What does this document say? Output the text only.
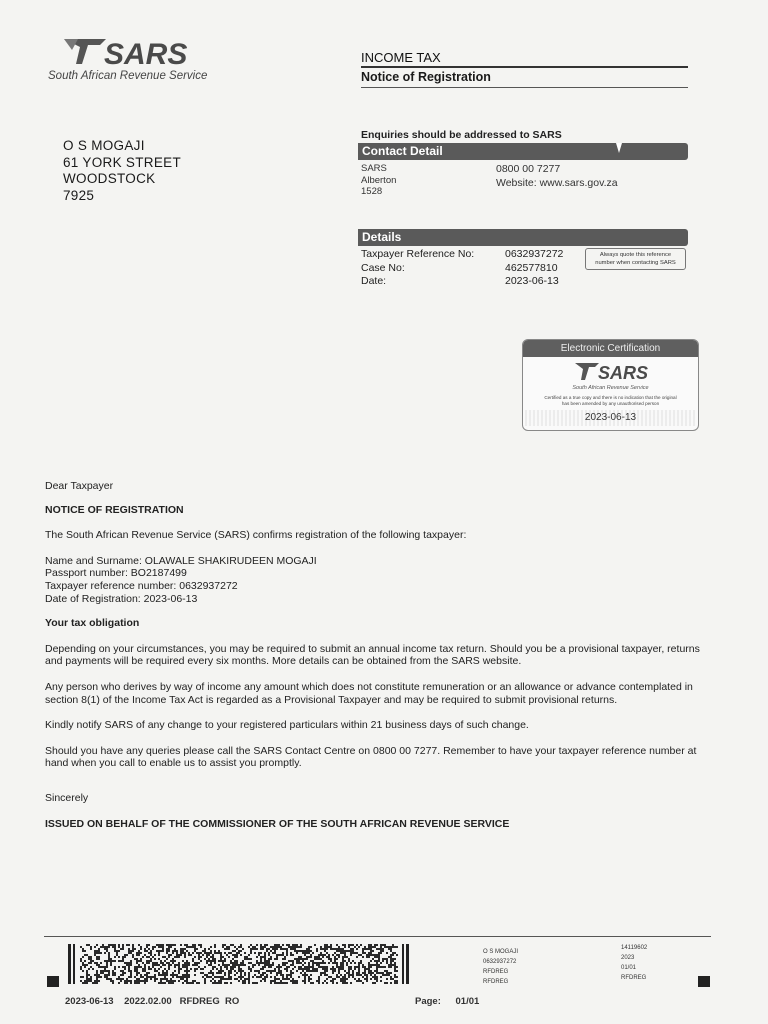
SARS
South African Revenue Service
INCOME TAX
Notice of Registration
O S MOGAJI
61 YORK STREET
WOODSTOCK
7925
Enquiries should be addressed to SARS
Contact Detail
SARS
Alberton
1528
0800 00 7277
Website: www.sars.gov.za
Details
Taxpayer Reference No:
Case No:
Date:
0632937272
462577810
2023-06-13
Always quote this reference
number when contacting SARS
Electronic Certification
SARS
South African Revenue Service
Certified as a true copy and there is no indication that the original
has been amended by any unauthorised person
2023-06-13

Dear Taxpayer

NOTICE OF REGISTRATION

The South African Revenue Service (SARS) confirms registration of the following taxpayer:

Name and Surname: OLAWALE SHAKIRUDEEN MOGAJI

Passport number: BO2187499

Taxpayer reference number: 0632937272

Date of Registration: 2023-06-13

Your tax obligation

Depending on your circumstances, you may be required to submit an annual income tax return. Should you be a provisional taxpayer, returns and payments will be required every six months. More details can be obtained from the SARS website.

Any person who derives by way of income any amount which does not constitute remuneration or an allowance or advance contemplated in section 8(1) of the Income Tax Act is regarded as a Provisional Taxpayer and may be required to submit provisional returns.

Kindly notify SARS of any change to your registered particulars within 21 business days of such change.

Should you have any queries please call the SARS Contact Centre on 0800 00 7277. Remember to have your taxpayer reference number at hand when you call to enable us to assist you promptly.

Sincerely

ISSUED ON BEHALF OF THE COMMISSIONER OF THE SOUTH AFRICAN REVENUE SERVICE

O S MOGAJI
0632937272
RFDREG
RFDREG
14119602
2023
01/01
RFDREG
2023-06-13    2022.02.00   RFDREG  RO	Page: 01/01
